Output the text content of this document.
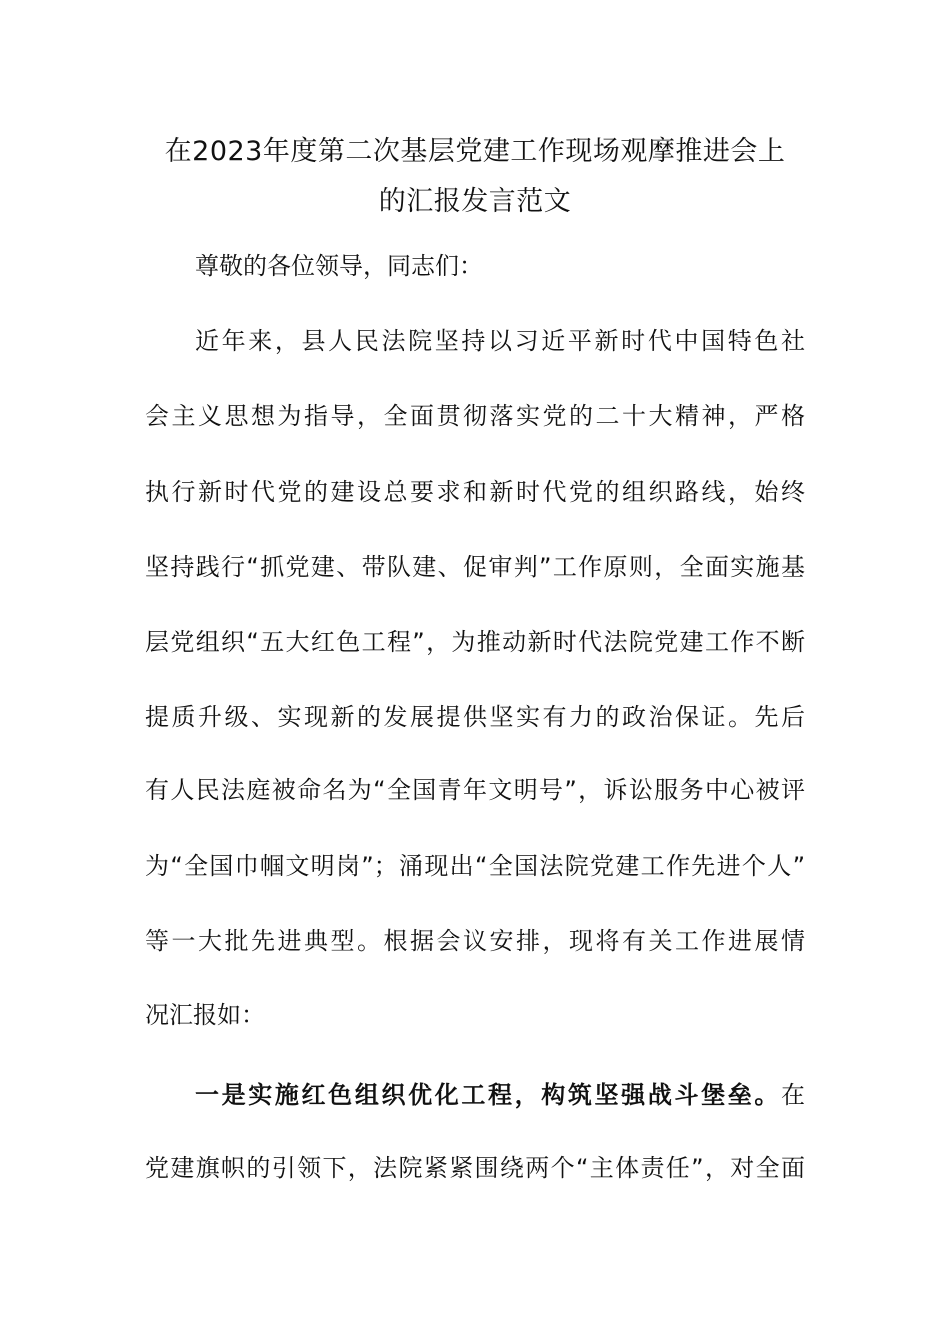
在2023年度第二次基层党建工作现场观摩推进会上
的汇报发言范文

尊敬的各位领导，同志们：

近年来，县人民法院坚持以习近平新时代中国特色社

会主义思想为指导，全面贯彻落实党的二十大精神，严格

执行新时代党的建设总要求和新时代党的组织路线，始终

坚持践行“抓党建、带队建、促审判”工作原则，全面实施基

层党组织“五大红色工程”，为推动新时代法院党建工作不断

提质升级、实现新的发展提供坚实有力的政治保证。先后

有人民法庭被命名为“全国青年文明号”，诉讼服务中心被评

为“全国巾帼文明岗”；涌现出“全国法院党建工作先进个人”

等一大批先进典型。根据会议安排，现将有关工作进展情

况汇报如：

一是实施红色组织优化工程，构筑坚强战斗堡垒。在

党建旗帜的引领下，法院紧紧围绕两个“主体责任”，对全面
